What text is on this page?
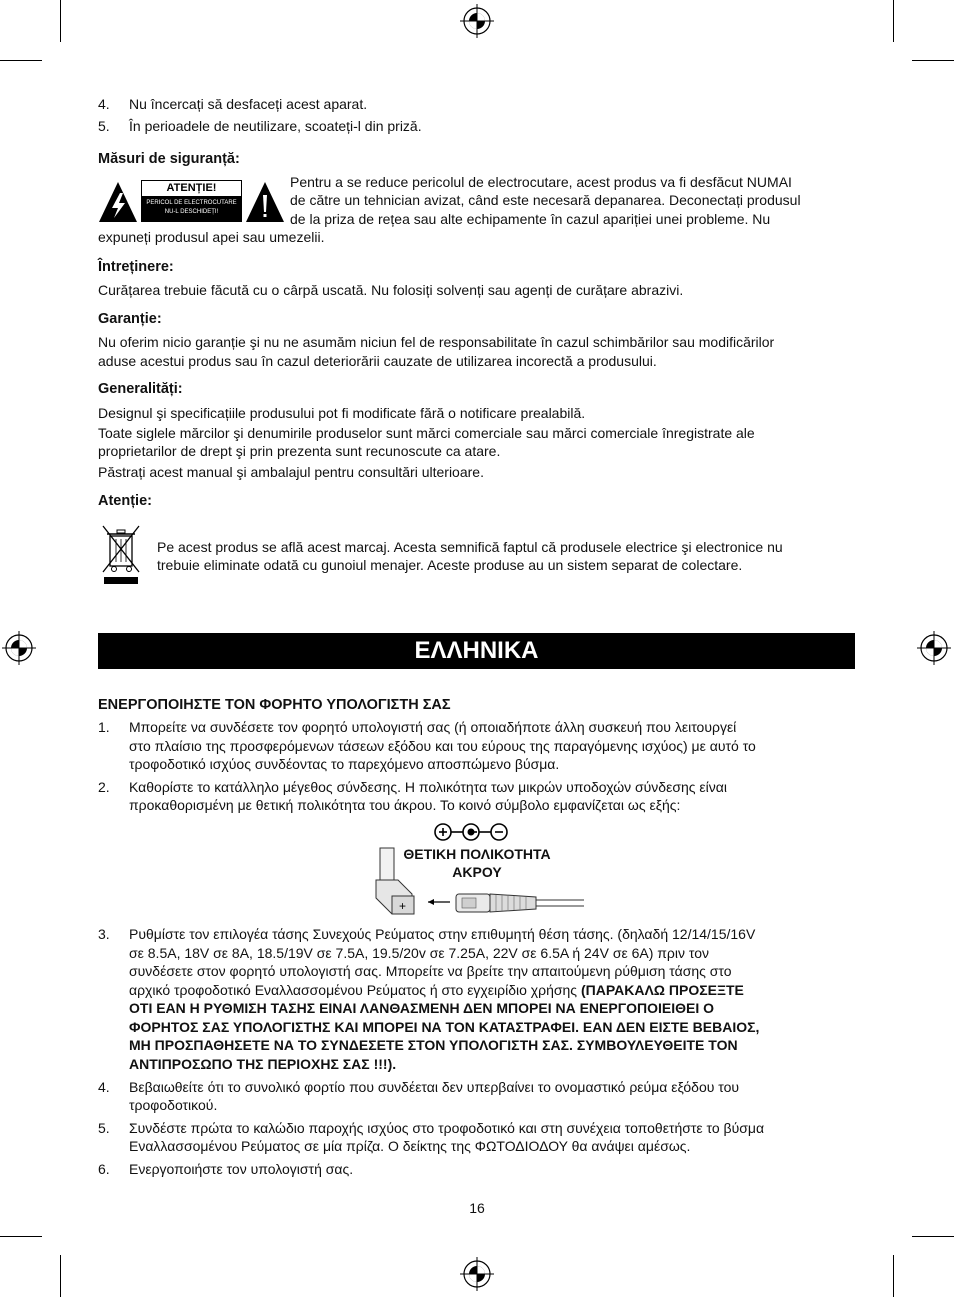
4. Nu încercați să desfaceți acest aparat.

5. În perioadele de neutilizare, scoateți-l din priză.

Măsuri de siguranță:
ATENȚIE!
PERICOL DE ELECTROCUTARE
NU-L DESCHIDEȚI!

Pentru a se reduce pericolul de electrocutare, acest produs va fi desfăcut NUMAI

de către un tehnician avizat, când este necesară depanarea. Deconectați produsul

de la priza de rețea sau alte echipamente în cazul apariției unei probleme. Nu

expuneți produsul apei sau umezelii.

Întreținere:

Curățarea trebuie făcută cu o cârpă uscată. Nu folosiți solvenți sau agenți de curățare abrazivi.

Garanție:

Nu oferim nicio garanție şi nu ne asumăm niciun fel de responsabilitate în cazul schimbărilor sau modificărilor

aduse acestui produs sau în cazul deteriorării cauzate de utilizarea incorectă a produsului.

Generalități:

Designul şi specificațiile produsului pot fi modificate fără o notificare prealabilă.

Toate siglele mărcilor şi denumirile produselor sunt mărci comerciale sau mărci comerciale înregistrate ale

proprietarilor de drept şi prin prezenta sunt recunoscute ca atare.

Păstrați acest manual şi ambalajul pentru consultări ulterioare.

Atenție:

Pe acest produs se află acest marcaj. Acesta semnifică faptul că produsele electrice şi electronice nu

trebuie eliminate odată cu gunoiul menajer. Aceste produse au un sistem separat de colectare.

ΕΛΛΗΝΙΚΑ
ΕΝΕΡΓΟΠΟΙΗΣΤΕ ΤΟΝ ΦΟΡΗΤΟ ΥΠΟΛΟΓΙΣΤΗ ΣΑΣ
1. Μπορείτε να συνδέσετε τον φορητό υπολογιστή σας (ή οποιαδήποτε άλλη συσκευή που λειτουργεί

στο πλαίσιο της προσφερόμενων τάσεων εξόδου και του εύρους της παραγόμενης ισχύος) με αυτό το

τροφοδοτικό ισχύος συνδέοντας το παρεχόμενο αποσπώμενο βύσμα.

2. Καθορίστε το κατάλληλο μέγεθος σύνδεσης. Η πολικότητα των μικρών υποδοχών σύνδεσης είναι

προκαθορισμένη με θετική πολικότητα του άκρου. Το κοινό σύμβολο εμφανίζεται ως εξής:

+
ΘΕΤΙΚΗ ΠΟΛΙΚΟΤΗΤΑ
ΑΚΡΟΥ
3. Ρυθμίστε τον επιλογέα τάσης Συνεχούς Ρεύματος στην επιθυμητή θέση τάσης. (δηλαδή 12/14/15/16V

σε 8.5A, 18V σε 8A, 18.5/19V σε 7.5A, 19.5/20v σε 7.25A, 22V σε 6.5A ή 24V σε 6A) πριν τον

συνδέσετε στον φορητό υπολογιστή σας. Μπορείτε να βρείτε την απαιτούμενη ρύθμιση τάσης στο

αρχικό τροφοδοτικό Εναλλασσομένου Ρεύματος ή στο εγχειρίδιο χρήσης (ΠΑΡΑΚΑΛΩ ΠΡΟΣΕΞΤΕ

ΟΤΙ ΕΑΝ Η ΡΥΘΜΙΣΗ ΤΑΣΗΣ ΕΙΝΑΙ ΛΑΝΘΑΣΜΕΝΗ ΔΕΝ ΜΠΟΡΕΙ ΝΑ ΕΝΕΡΓΟΠΟΙΕΙΘΕΙ Ο

ΦΟΡΗΤΟΣ ΣΑΣ ΥΠΟΛΟΓΙΣΤΗΣ ΚΑΙ ΜΠΟΡΕΙ ΝΑ ΤΟΝ ΚΑΤΑΣΤΡΑΦΕΙ. ΕΑΝ ΔΕΝ ΕΙΣΤΕ ΒΕΒΑΙΟΣ,

ΜΗ ΠΡΟΣΠΑΘΗΣΕΤΕ ΝΑ ΤΟ ΣΥΝΔΕΣΕΤΕ ΣΤΟΝ ΥΠΟΛΟΓΙΣΤΗ ΣΑΣ. ΣΥΜΒΟΥΛΕΥΘΕΙΤΕ ΤΟΝ

ΑΝΤΙΠΡΟΣΩΠΟ ΤΗΣ ΠΕΡΙΟΧΗΣ ΣΑΣ !!!).

4. Βεβαιωθείτε ότι το συνολικό φορτίο που συνδέεται δεν υπερβαίνει το ονομαστικό ρεύμα εξόδου του

τροφοδοτικού.

5. Συνδέστε πρώτα το καλώδιο παροχής ισχύος στο τροφοδοτικό και στη συνέχεια τοποθετήστε το βύσμα

Εναλλασσομένου Ρεύματος σε μία πρίζα. Ο δείκτης της ΦΩΤΟΔΙΟΔΟΥ θα ανάψει αμέσως.

6. Ενεργοποιήστε τον υπολογιστή σας.

16
